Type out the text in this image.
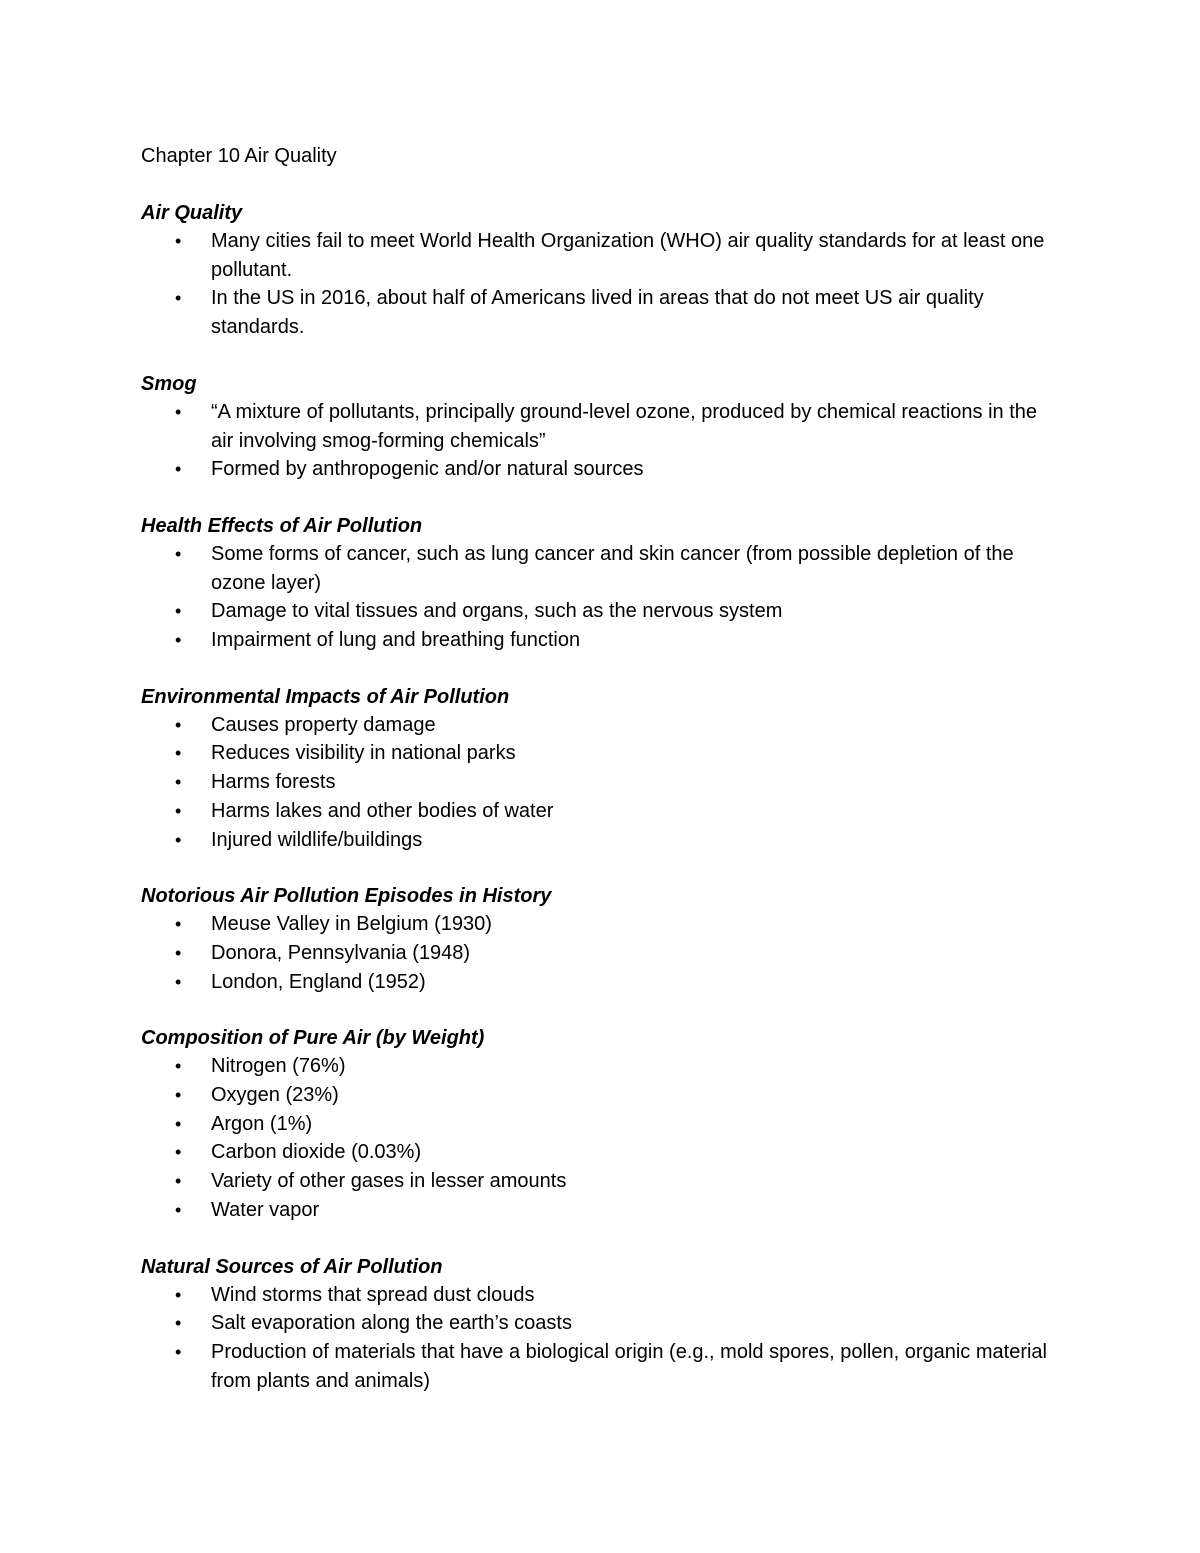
Chapter 10 Air Quality
Air Quality
• Many cities fail to meet World Health Organization (WHO) air quality standards for at least one pollutant.
• In the US in 2016, about half of Americans lived in areas that do not meet US air quality standards.
Smog
• “A mixture of pollutants, principally ground-level ozone, produced by chemical reactions in the air involving smog-forming chemicals”
• Formed by anthropogenic and/or natural sources
Health Effects of Air Pollution
• Some forms of cancer, such as lung cancer and skin cancer (from possible depletion of the ozone layer)
• Damage to vital tissues and organs, such as the nervous system
• Impairment of lung and breathing function
Environmental Impacts of Air Pollution
• Causes property damage
• Reduces visibility in national parks
• Harms forests
• Harms lakes and other bodies of water
• Injured wildlife/buildings
Notorious Air Pollution Episodes in History
• Meuse Valley in Belgium (1930)
• Donora, Pennsylvania (1948)
• London, England (1952)
Composition of Pure Air (by Weight)
• Nitrogen (76%)
• Oxygen (23%)
• Argon (1%)
• Carbon dioxide (0.03%)
• Variety of other gases in lesser amounts
• Water vapor
Natural Sources of Air Pollution
• Wind storms that spread dust clouds
• Salt evaporation along the earth’s coasts
• Production of materials that have a biological origin (e.g., mold spores, pollen, organic material from plants and animals)
